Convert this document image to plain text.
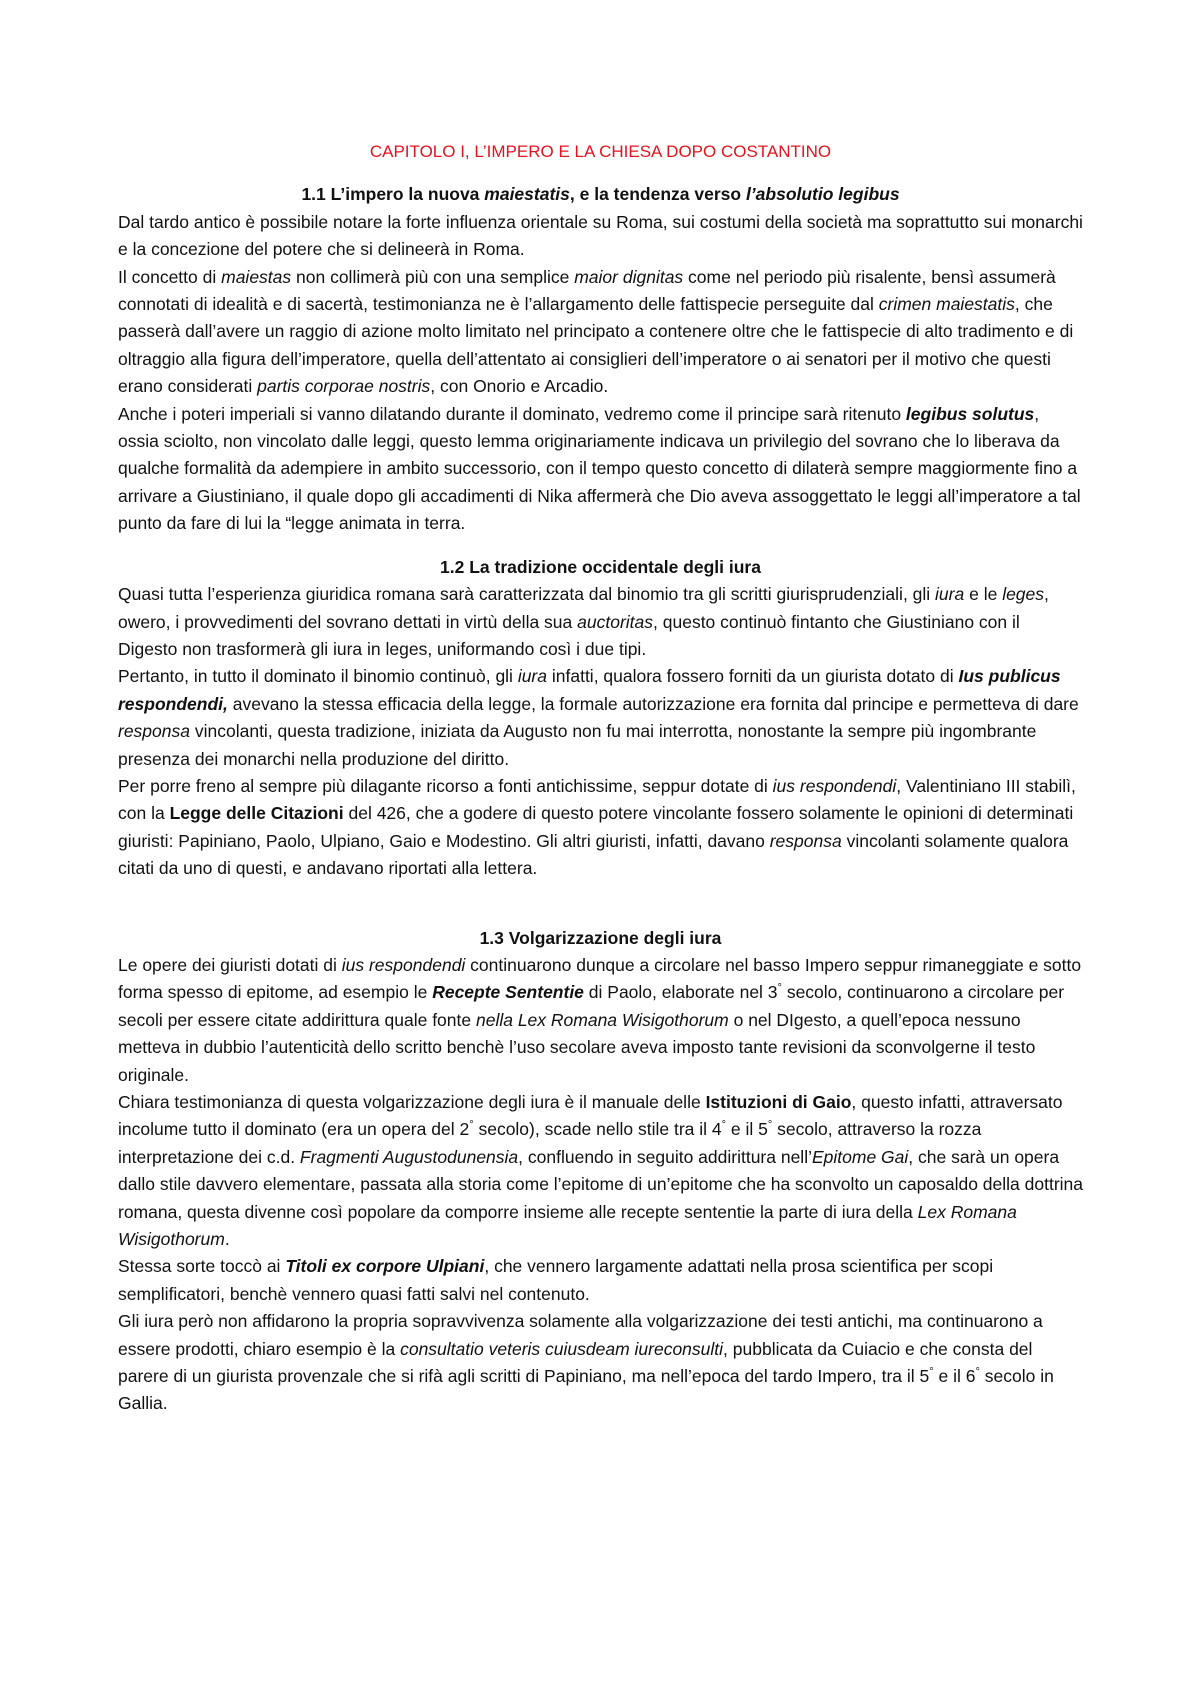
CAPITOLO I, L’IMPERO E LA CHIESA DOPO COSTANTINO

1.1 L’impero la nuova maiestatis, e la tendenza verso l’absolutio legibus

Dal tardo antico è possibile notare la forte influenza orientale su Roma, sui costumi della società ma soprattutto sui monarchi e la concezione del potere che si delineerà in Roma.

Il concetto di maiestas non collimerà più con una semplice maior dignitas come nel periodo più risalente, bensì assumerà connotati di idealità e di sacertà, testimonianza ne è l’allargamento delle fattispecie perseguite dal crimen maiestatis, che passerà dall’avere un raggio di azione molto limitato nel principato a contenere oltre che le fattispecie di alto tradimento e di oltraggio alla figura dell’imperatore, quella dell’attentato ai consiglieri dell’imperatore o ai senatori per il motivo che questi erano considerati partis corporae nostris, con Onorio e Arcadio.

Anche i poteri imperiali si vanno dilatando durante il dominato, vedremo come il principe sarà ritenuto legibus solutus, ossia sciolto, non vincolato dalle leggi, questo lemma originariamente indicava un privilegio del sovrano che lo liberava da qualche formalità da adempiere in ambito successorio, con il tempo questo concetto di dilaterà sempre maggiormente fino a arrivare a Giustiniano, il quale dopo gli accadimenti di Nika affermerà che Dio aveva assoggettato le leggi all’imperatore a tal punto da fare di lui la “legge animata in terra.

1.2 La tradizione occidentale degli iura

Quasi tutta l’esperienza giuridica romana sarà caratterizzata dal binomio tra gli scritti giurisprudenziali, gli iura e le leges, owero, i provvedimenti del sovrano dettati in virtù della sua auctoritas, questo continuò fintanto che Giustiniano con il Digesto non trasformerà gli iura in leges, uniformando così i due tipi.

Pertanto, in tutto il dominato il binomio continuò, gli iura infatti, qualora fossero forniti da un giurista dotato di Ius publicus respondendi, avevano la stessa efficacia della legge, la formale autorizzazione era fornita dal principe e permetteva di dare responsa vincolanti, questa tradizione, iniziata da Augusto non fu mai interrotta, nonostante la sempre più ingombrante presenza dei monarchi nella produzione del diritto.

Per porre freno al sempre più dilagante ricorso a fonti antichissime, seppur dotate di ius respondendi, Valentiniano III stabilì, con la Legge delle Citazioni del 426, che a godere di questo potere vincolante fossero solamente le opinioni di determinati giuristi: Papiniano, Paolo, Ulpiano, Gaio e Modestino. Gli altri giuristi, infatti, davano responsa vincolanti solamente qualora citati da uno di questi, e andavano riportati alla lettera.

1.3 Volgarizzazione degli iura

Le opere dei giuristi dotati di ius respondendi continuarono dunque a circolare nel basso Impero seppur rimaneggiate e sotto forma spesso di epitome, ad esempio le Recepte Sententie di Paolo, elaborate nel 3° secolo, continuarono a circolare per secoli per essere citate addirittura quale fonte nella Lex Romana Wisigothorum o nel DIgesto, a quell’epoca nessuno metteva in dubbio l’autenticità dello scritto benchè l’uso secolare aveva imposto tante revisioni da sconvolgerne il testo originale.

Chiara testimonianza di questa volgarizzazione degli iura è il manuale delle Istituzioni di Gaio, questo infatti, attraversato incolume tutto il dominato (era un opera del 2° secolo), scade nello stile tra il 4° e il 5° secolo, attraverso la rozza interpretazione dei c.d. Fragmenti Augustodunensia, confluendo in seguito addirittura nell’Epitome Gai, che sarà un opera dallo stile davvero elementare, passata alla storia come l’epitome di un’epitome che ha sconvolto un caposaldo della dottrina romana, questa divenne così popolare da comporre insieme alle recepte sententie la parte di iura della Lex Romana Wisigothorum.

Stessa sorte toccò ai Titoli ex corpore Ulpiani, che vennero largamente adattati nella prosa scientifica per scopi semplificatori, benchè vennero quasi fatti salvi nel contenuto.

Gli iura però non affidarono la propria sopravvivenza solamente alla volgarizzazione dei testi antichi, ma continuarono a essere prodotti, chiaro esempio è la consultatio veteris cuiusdeam iureconsulti, pubblicata da Cuiacio e che consta del parere di un giurista provenzale che si rifà agli scritti di Papiniano, ma nell’epoca del tardo Impero, tra il 5° e il 6° secolo in Gallia.
